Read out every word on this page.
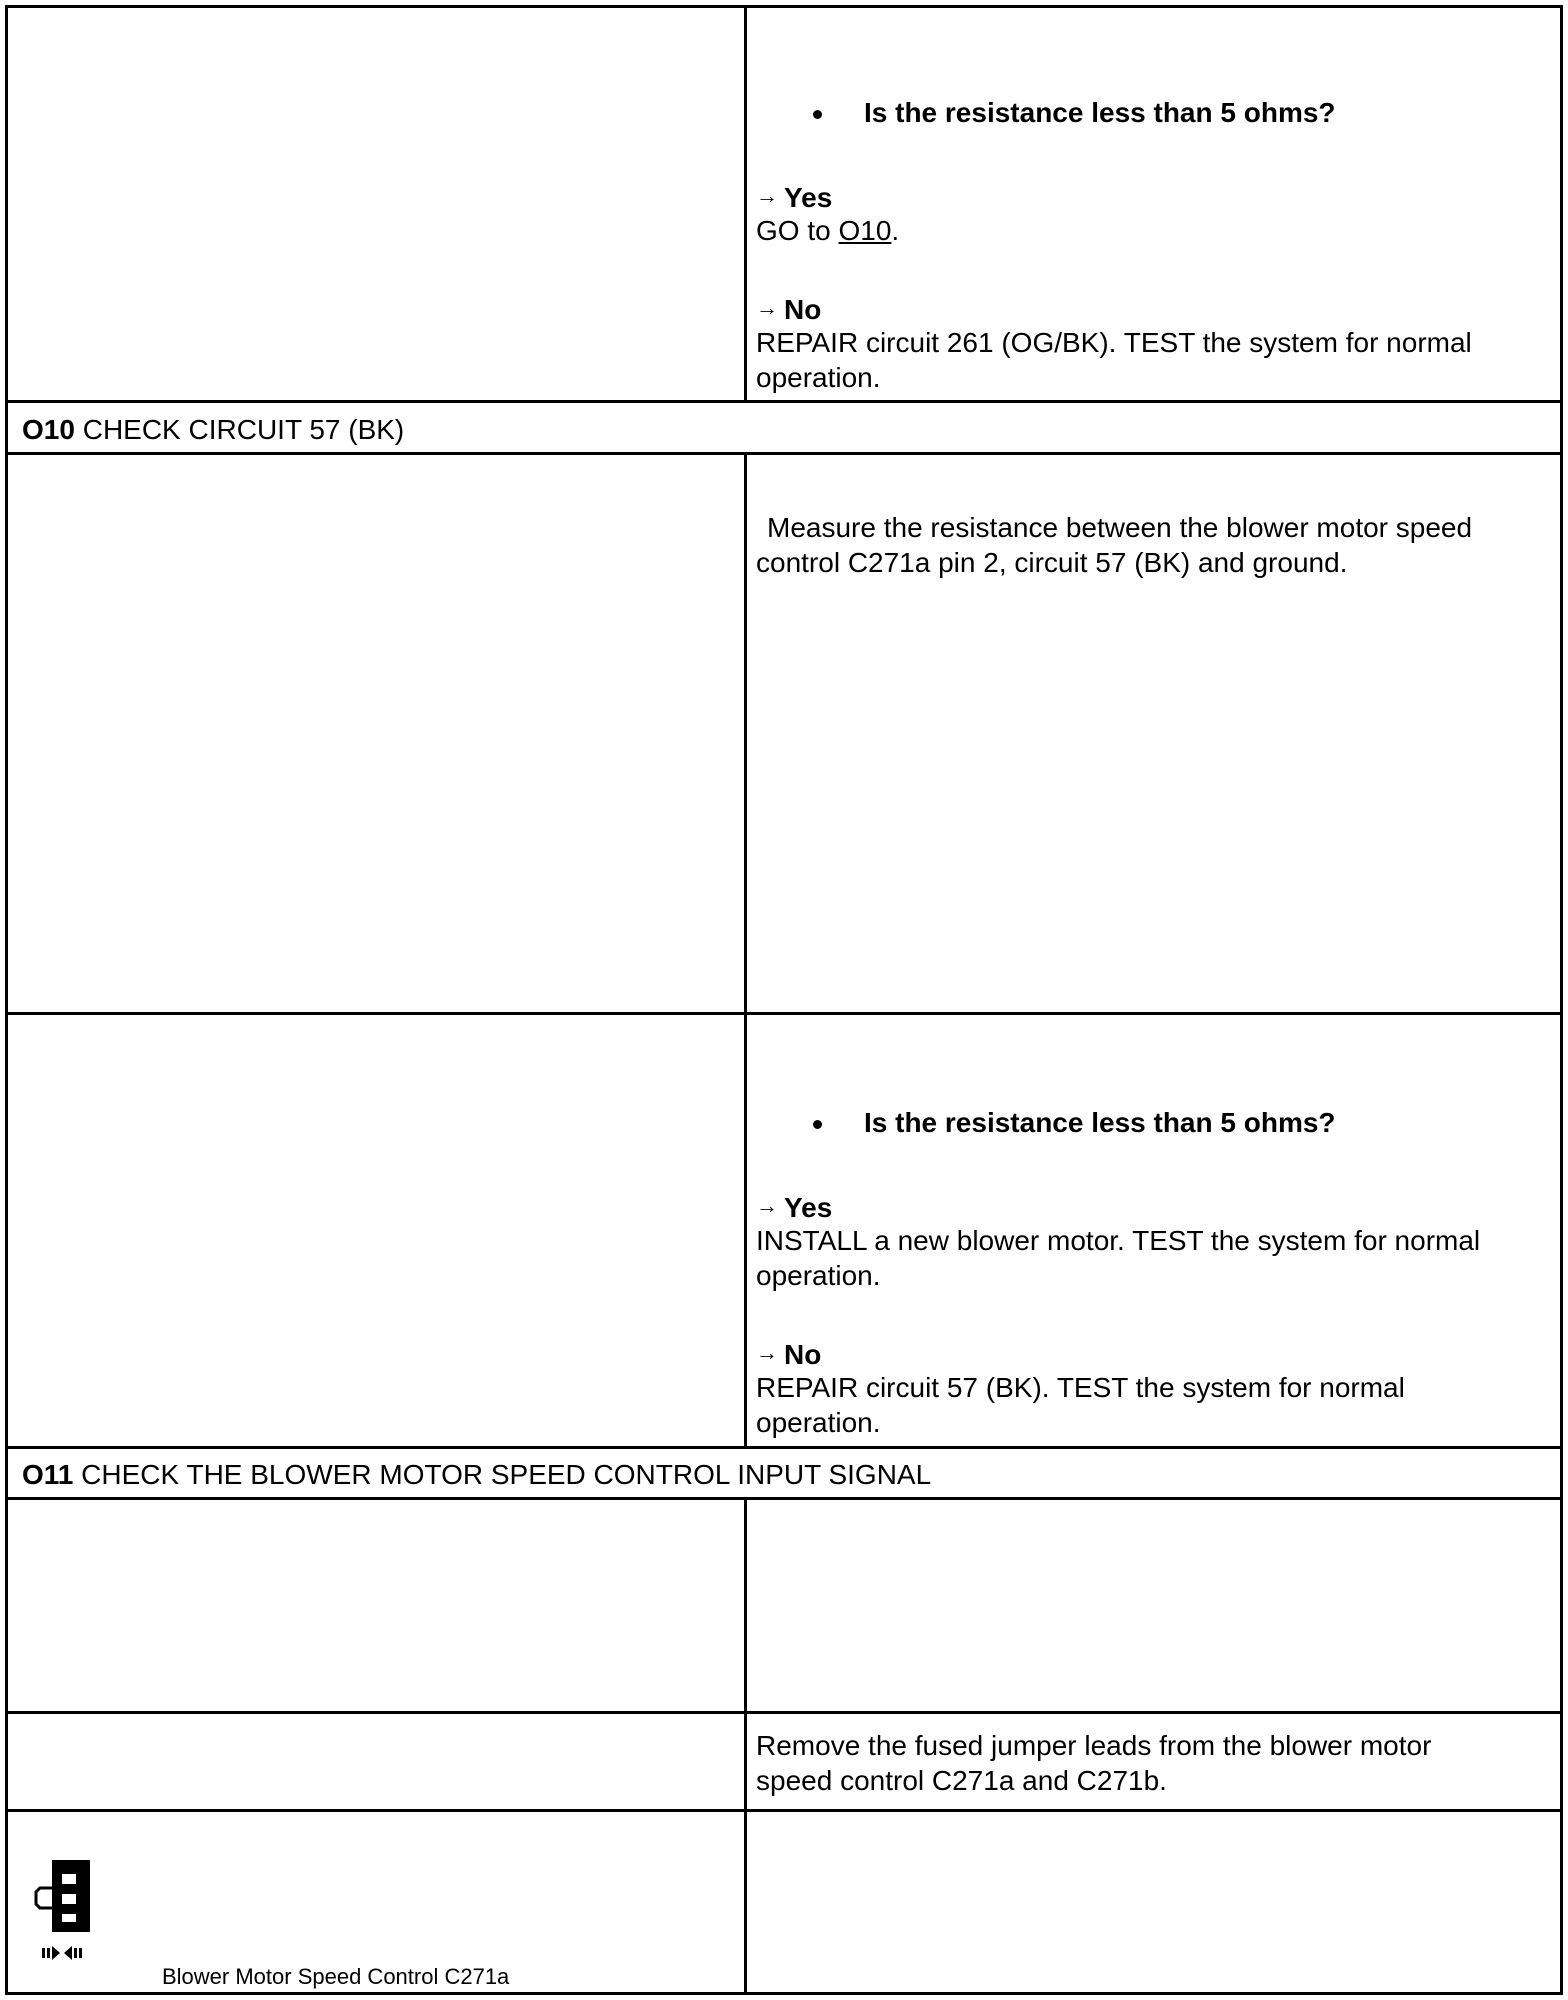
Is the resistance less than 5 ohms?
→ Yes
GO to O10.
→ No
REPAIR circuit 261 (OG/BK). TEST the system for normal
operation.
O10 CHECK CIRCUIT 57 (BK)
Measure the resistance between the blower motor speed
control C271a pin 2, circuit 57 (BK) and ground.
Is the resistance less than 5 ohms?
→ Yes
INSTALL a new blower motor. TEST the system for normal
operation.
→ No
REPAIR circuit 57 (BK). TEST the system for normal
operation.
O11 CHECK THE BLOWER MOTOR SPEED CONTROL INPUT SIGNAL
Remove the fused jumper leads from the blower motor
speed control C271a and C271b.
Blower Motor Speed Control C271a
